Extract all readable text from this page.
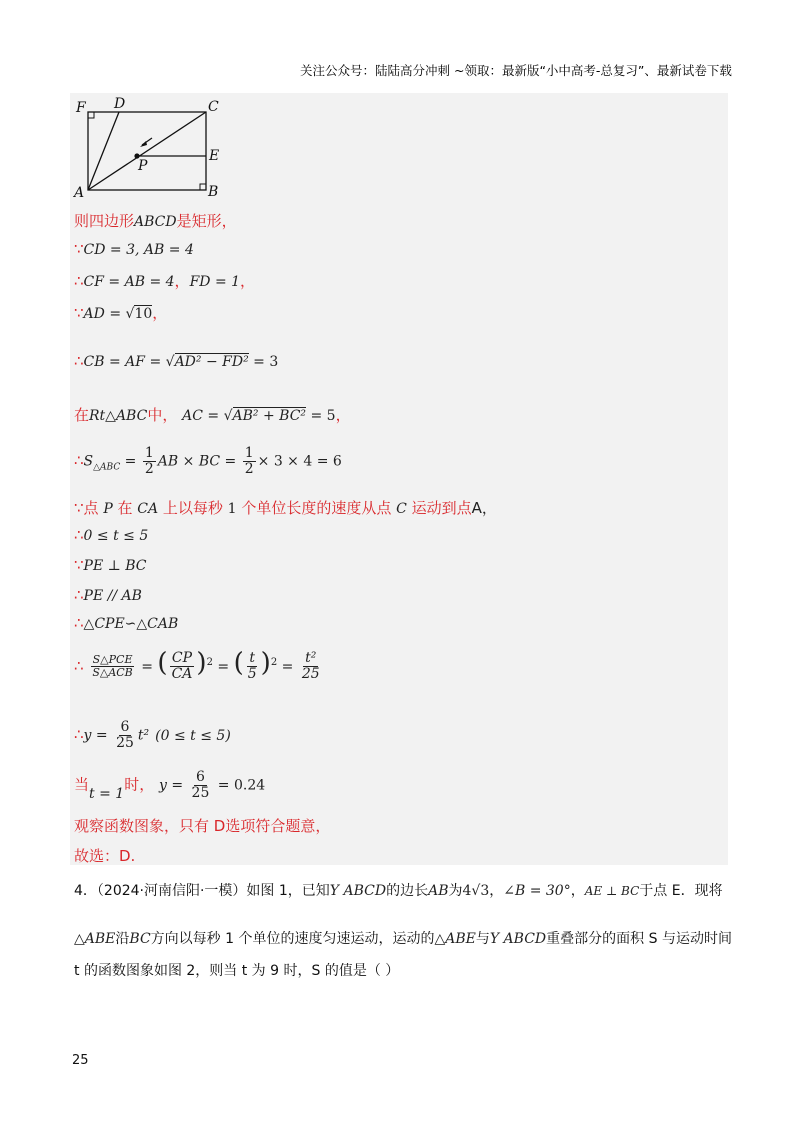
关注公众号：陆陆高分冲刺 ~领取：最新版“小中高考-总复习”、最新试卷下载
F D	C
P
E
A	B
则四边形ABCD是矩形，
∵CD = 3, AB = 4
∴CF = AB = 4，FD = 1，
∵AD = √10，
∴CB = AF = √AD² − FD² = 3
在Rt△ABC中， AC = √AB² + BC² = 5，
$\therefore S_{\triangle ABC} = \frac{1}{2}$ AB × BC = $\frac{1}{2} \times 3 \times 4 = 6$
∵点 P 在 CA 上以每秒 1 个单位长度的速度从点 C 运动到点A，
∴0 ≤ t ≤ 5
∵PE ⊥ BC
∴PE // AB
∴△CPE∽△CAB
∴ $\frac{\text{S△PCE}}{\text{S△ACB}}$ = ( $\frac{CP}{CA} )^2$ = ( $\frac{t}{5} )^2 = \frac{\text{t²}}{25}$
∴y = $\frac{6}{25} t^2$ (0 ≤ t ≤ 5)
当t = 1时， $y = \frac{6}{25} = 0.24$
观察函数图象，只有 D选项符合题意，
故选：D.
4．（2024·河南信阳·一模）如图 1，已知Y ABCD的边长AB为4√3，∠B = 30°，AE ⊥ BC于点 E．现将
△ABE沿BC方向以每秒 1 个单位的速度匀速运动，运动的△ABE与Y ABCD重叠部分的面积 S 与运动时间
t 的函数图象如图 2，则当 t 为 9 时，S 的值是（ ）
25
